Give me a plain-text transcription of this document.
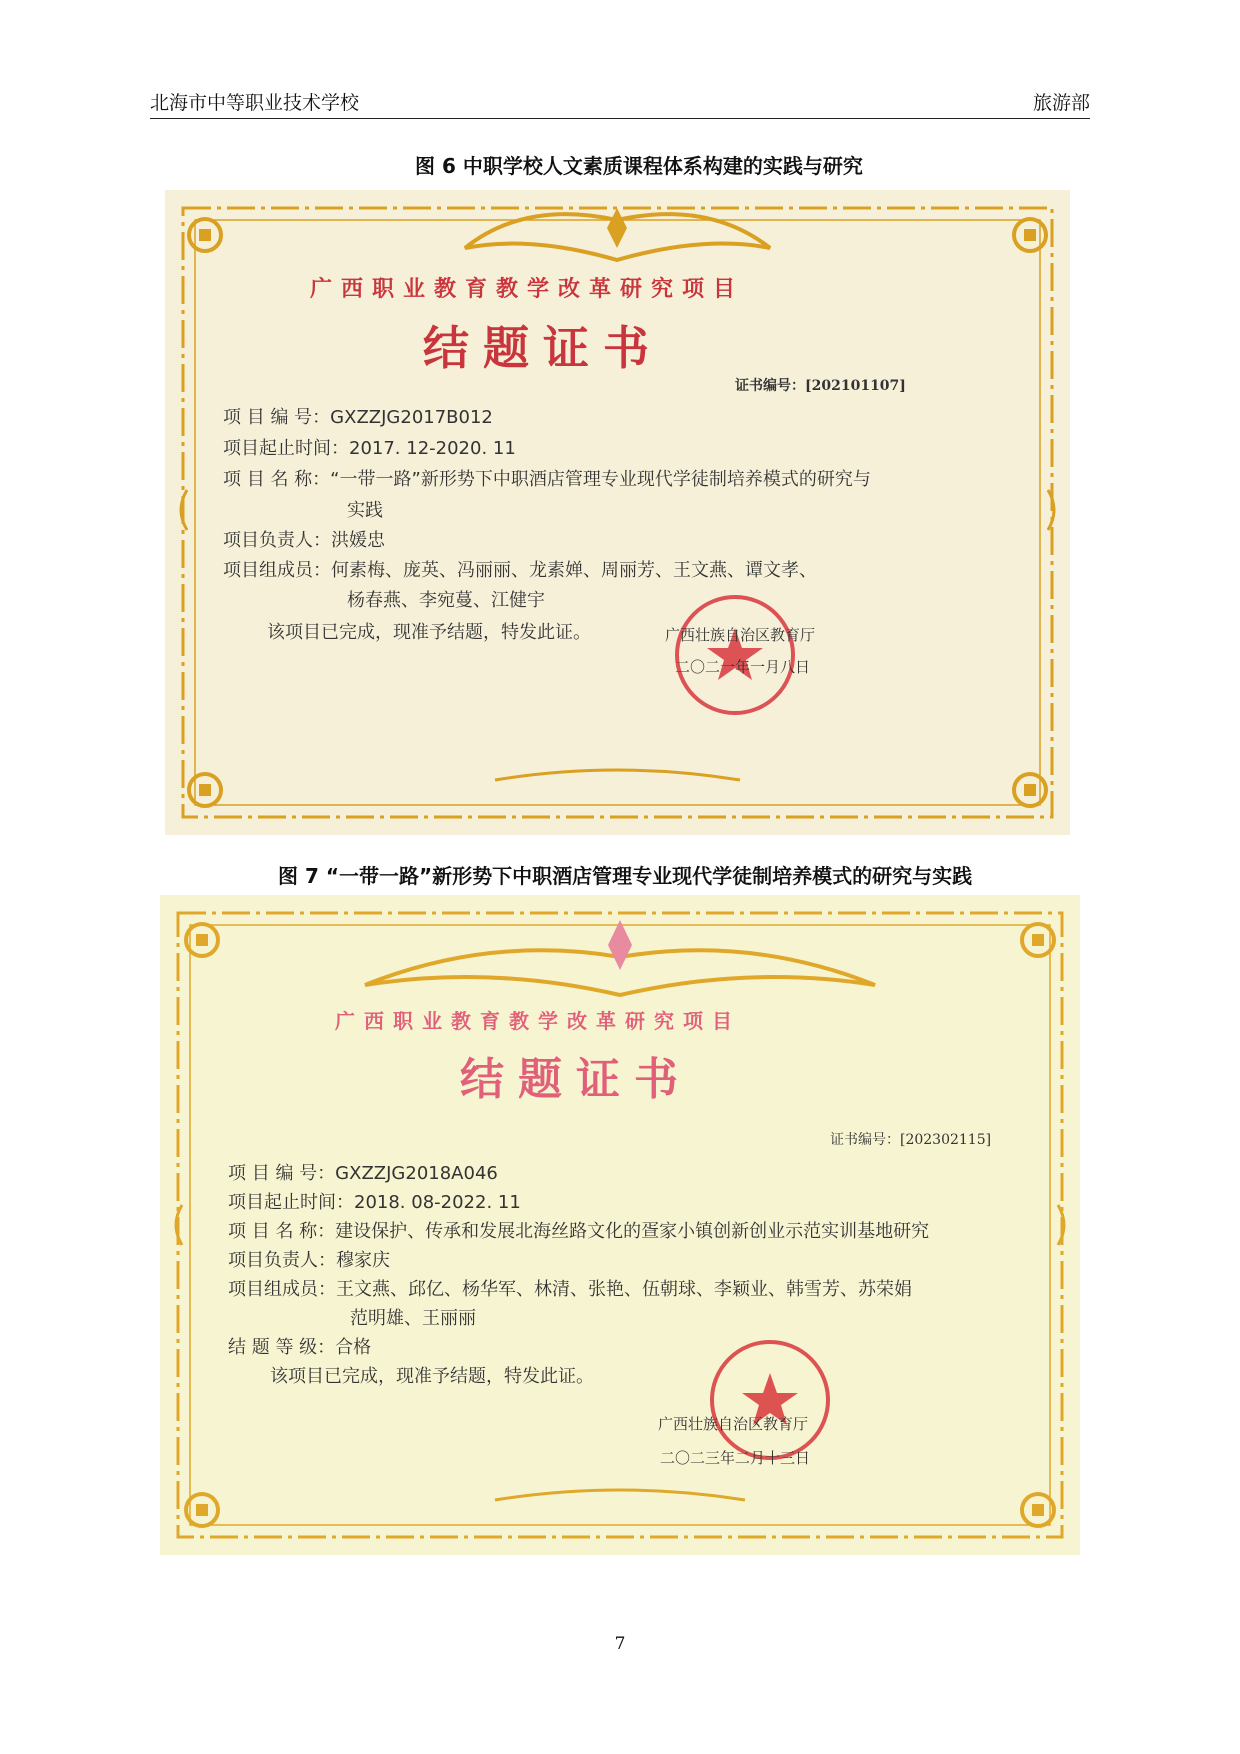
北海市中等职业技术学校	旅游部
图 6 中职学校人文素质课程体系构建的实践与研究
广西职业教育教学改革研究项目
结题证书
证书编号：[202101107]
项 目 编 号：GXZZJG2017B012
项目起止时间：2017. 12-2020. 11
项 目 名 称：“一带一路”新形势下中职酒店管理专业现代学徒制培养模式的研究与
实践
项目负责人：洪媛忠
项目组成员：何素梅、庞英、冯丽丽、龙素婵、周丽芳、王文燕、谭文孝、
杨春燕、李宛蔓、江健宇
该项目已完成，现准予结题，特发此证。	广西壮族自治区教育厅
二〇二一年一月八日
图 7 “一带一路”新形势下中职酒店管理专业现代学徒制培养模式的研究与实践
广西职业教育教学改革研究项目
结题证书
证书编号：[202302115]
项 目 编 号：GXZZJG2018A046
项目起止时间：2018. 08-2022. 11
项 目 名 称：建设保护、传承和发展北海丝路文化的疍家小镇创新创业示范实训基地研究
项目负责人：穆家庆
项目组成员：王文燕、邱亿、杨华军、林清、张艳、伍朝球、李颖业、韩雪芳、苏荣娟
范明雄、王丽丽
结 题 等 级：合格
该项目已完成，现准予结题，特发此证。
广西壮族自治区教育厅
二〇二三年二月十三日
7
